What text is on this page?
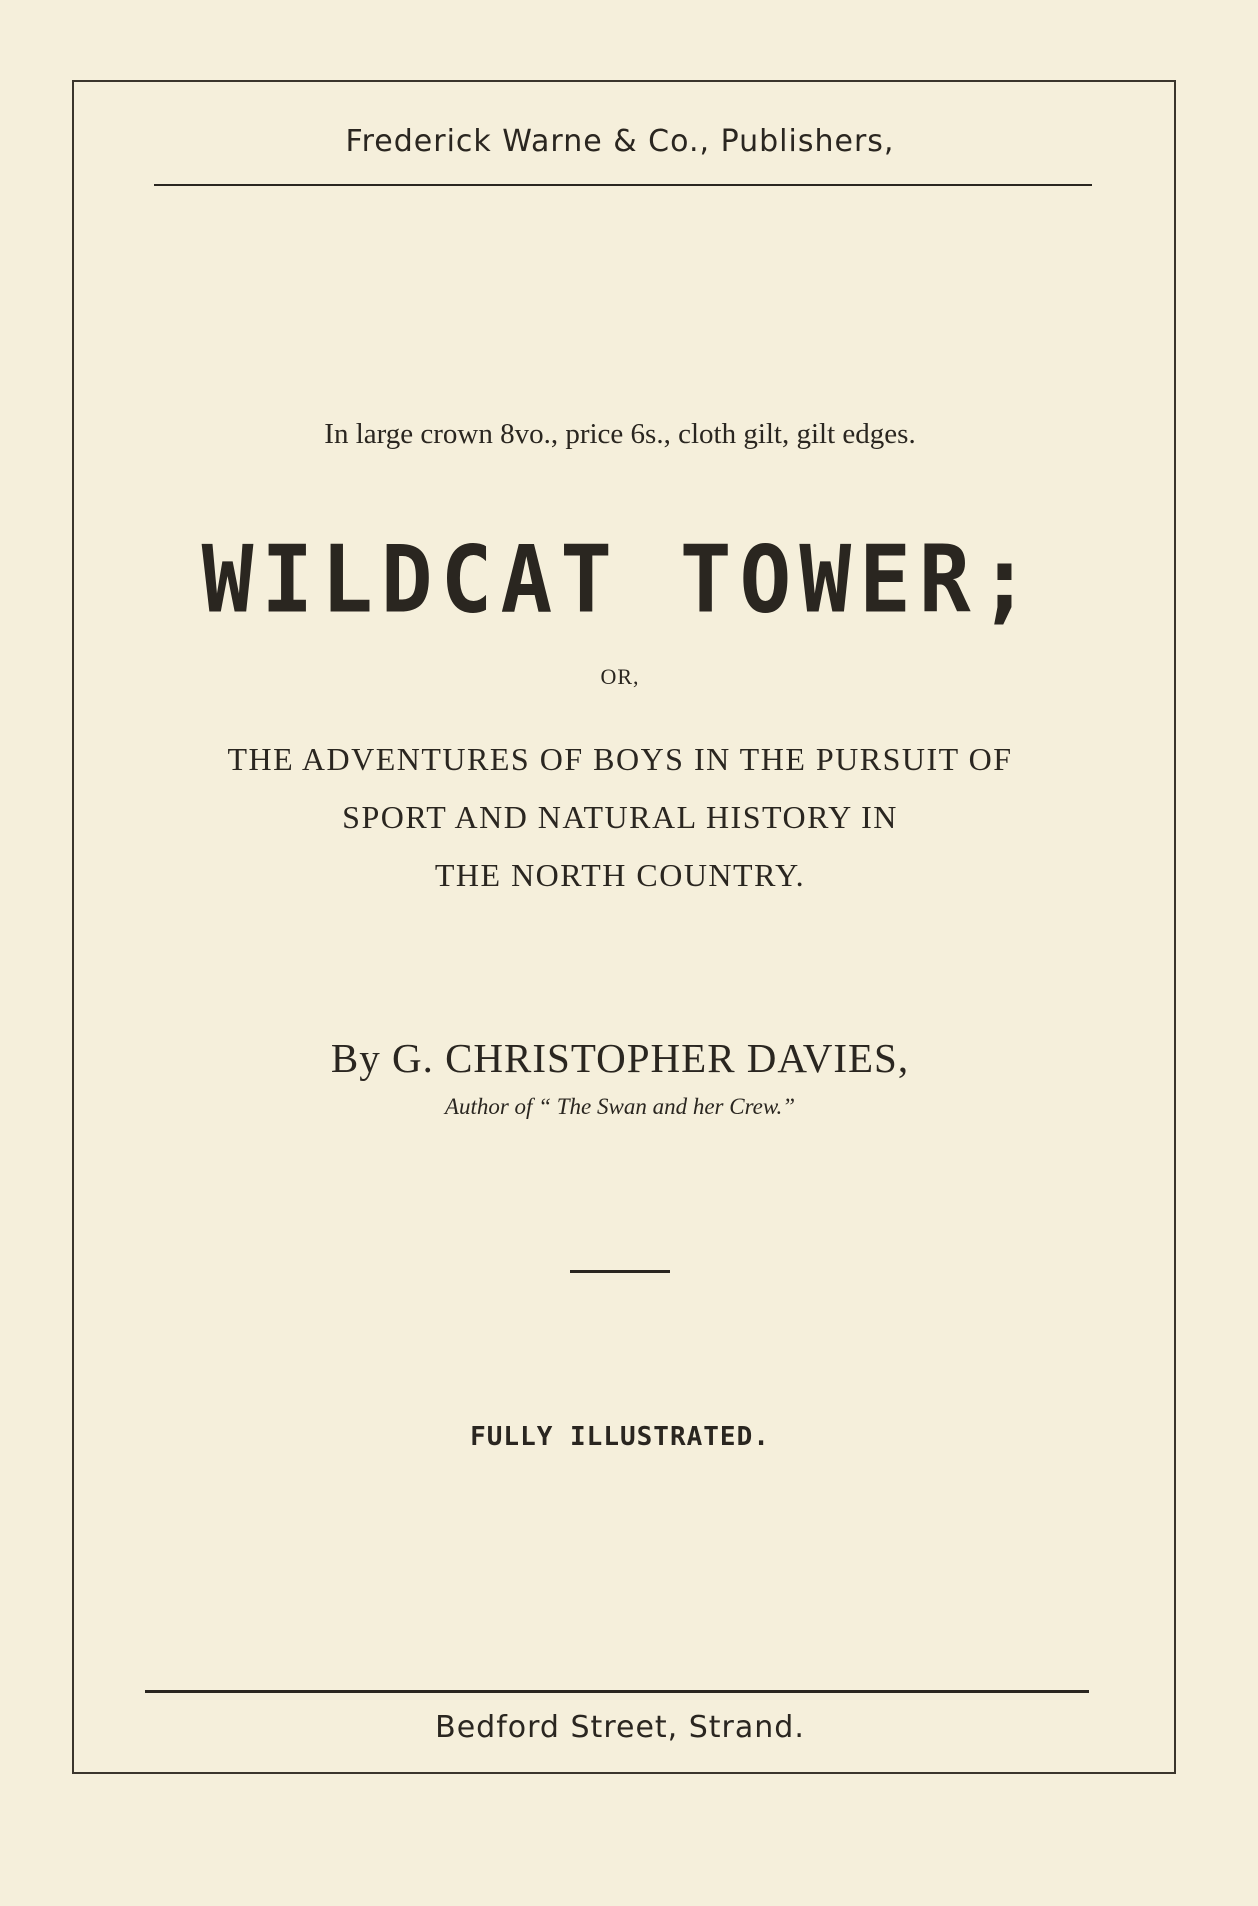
Frederick Warne & Co., Publishers,
In large crown 8vo., price 6s., cloth gilt, gilt edges.
WILDCAT TOWER;
OR,
THE ADVENTURES OF BOYS IN THE PURSUIT OF
SPORT AND NATURAL HISTORY IN
THE NORTH COUNTRY.
By G. CHRISTOPHER DAVIES,
Author of “ The Swan and her Crew.”
FULLY ILLUSTRATED.
Bedford Street, Strand.
